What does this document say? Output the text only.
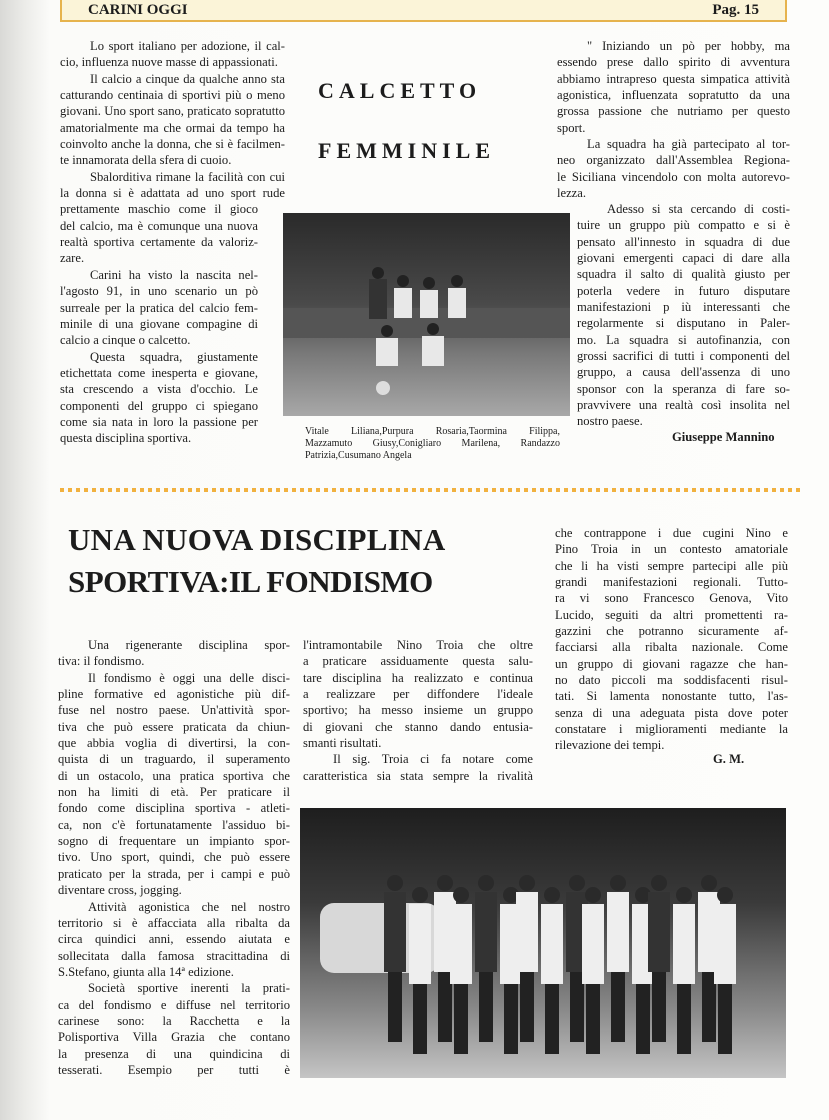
CARINI OGGI	Pag. 15
Lo sport italiano per adozione, il cal-
cio, influenza nuove masse di appassionati.
Il calcio a cinque da qualche anno sta
catturando centinaia di sportivi più o meno
giovani. Uno sport sano, praticato sopratutto
amatorialmente ma che ormai da tempo ha
coinvolto anche la donna, che si è facilmen-
te innamorata della sfera di cuoio.
Sbalorditiva rimane la facilità con cui
la donna si è adattata ad uno sport rude
prettamente maschio come il gioco
del calcio, ma è comunque una nuova
realtà sportiva certamente da valoriz-
zare.
Carini ha visto la nascita nel-
l'agosto 91, in uno scenario un pò
surreale per la pratica del calcio fem-
minile di una giovane compagine di
calcio a cinque o calcetto.
Questa squadra, giustamente
etichettata come inesperta e giovane,
sta crescendo a vista d'occhio. Le
componenti del gruppo ci spiegano
come sia nata in loro la passione per
questa disciplina sportiva.
CALCETTO
FEMMINILE
" Iniziando un pò per hobby, ma
essendo prese dallo spirito di avventura
abbiamo intrapreso questa simpatica attività
agonistica, influenzata sopratutto da una
grossa passione che nutriamo per questo
sport.
La squadra ha già partecipato al tor-
neo organizzato dall'Assemblea Regiona-
le Siciliana vincendolo con molta autorevo-
lezza.
Adesso si sta cercando di costi-
tuire un gruppo più compatto e si è
pensato all'innesto in squadra di due
giovani emergenti capaci di dare alla
squadra il salto di qualità giusto per
poterla vedere in futuro disputare
manifestazioni p iù interessanti che
regolarmente si disputano in Paler-
mo. La squadra si autofinanzia, con
grossi sacrifici di tutti i componenti del
gruppo, a causa dell'assenza di uno
sponsor con la speranza di fare so-
pravvivere una realtà così insolita nel
nostro paese.
Vitale Liliana,Purpura Rosaria,Taormina Filippa,
Mazzamuto Giusy,Conigliaro Marilena, Randazzo
Patrizia,Cusumano Angela
Giuseppe Mannino
UNA NUOVA DISCIPLINA
SPORTIVA:IL FONDISMO
Una rigenerante disciplina spor-
tiva: il fondismo.
Il fondismo è oggi una delle disci-
pline formative ed agonistiche più dif-
fuse nel nostro paese. Un'attività spor-
tiva che può essere praticata da chiun-
que abbia voglia di divertirsi, la con-
quista di un traguardo, il superamento
di un ostacolo, una pratica sportiva che
non ha limiti di età. Per praticare il
fondo come disciplina sportiva - atleti-
ca, non c'è fortunatamente l'assiduo bi-
sogno di frequentare un impianto spor-
tivo. Uno sport, quindi, che può essere
praticato per la strada, per i campi e può
diventare cross, jogging.
Attività agonistica che nel nostro
territorio si è affacciata alla ribalta da
circa quindici anni, essendo aiutata e
sollecitata dalla famosa stracittadina di
S.Stefano, giunta alla 14ª edizione.
Società sportive inerenti la prati-
ca del fondismo e diffuse nel territorio
carinese sono: la Racchetta e la
Polisportiva Villa Grazia che contano
la presenza di una quindicina di
tesserati. Esempio per tutti è
l'intramontabile Nino Troia che oltre
a praticare assiduamente questa salu-
tare disciplina ha realizzato e continua
a realizzare per diffondere l'ideale
sportivo; ha messo insieme un gruppo
di giovani che stanno dando entusia-
smanti risultati.
Il sig. Troia ci fa notare come
caratteristica sia stata sempre la rivalità
che contrappone i due cugini Nino e
Pino Troia in un contesto amatoriale
che li ha visti sempre partecipi alle più
grandi manifestazioni regionali. Tutto-
ra vi sono Francesco Genova, Vito
Lucido, seguiti da altri promettenti ra-
gazzini che potranno sicuramente af-
facciarsi alla ribalta nazionale. Come
un gruppo di giovani ragazze che han-
no dato piccoli ma soddisfacenti risul-
tati. Si lamenta nonostante tutto, l'as-
senza di una adeguata pista dove poter
constatare i miglioramenti mediante la
rilevazione dei tempi.
G. M.
